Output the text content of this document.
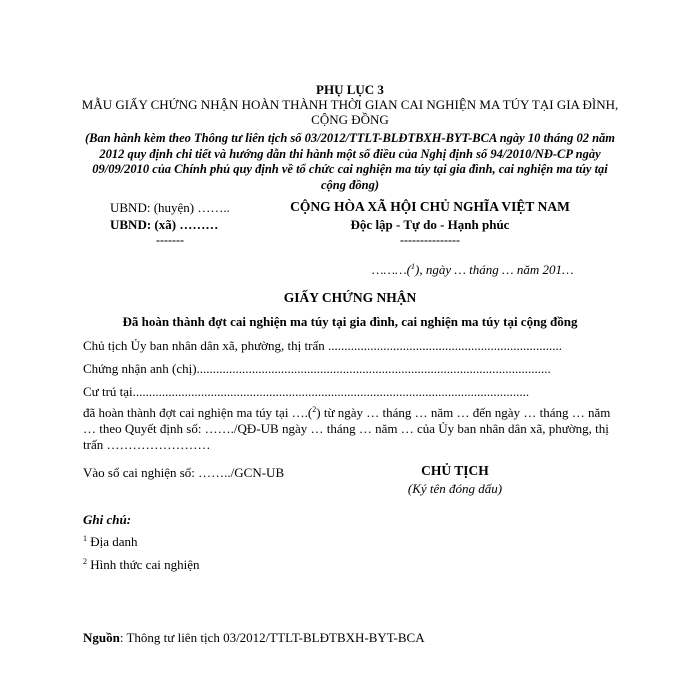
PHỤ LỤC 3
MẪU GIẤY CHỨNG NHẬN HOÀN THÀNH THỜI GIAN CAI NGHIỆN MA TÚY TẠI GIA ĐÌNH, CỘNG ĐỒNG
(Ban hành kèm theo Thông tư liên tịch số 03/2012/TTLT-BLĐTBXH-BYT-BCA ngày 10 tháng 02 năm 2012 quy định chi tiết và hướng dẫn thi hành một số điều của Nghị định số 94/2010/NĐ-CP ngày 09/09/2010 của Chính phủ quy định về tổ chức cai nghiện ma túy tại gia đình, cai nghiện ma túy tại cộng đồng)
UBND: (huyện) ……..
UBND: (xã) ………
-------
CỘNG HÒA XÃ HỘI CHỦ NGHĨA VIỆT NAM
Độc lập - Tự do - Hạnh phúc
---------------
………($^1$), ngày … tháng … năm 201…
GIẤY CHỨNG NHẬN
Đã hoàn thành đợt cai nghiện ma túy tại gia đình, cai nghiện ma túy tại cộng đồng
Chủ tịch Ủy ban nhân dân xã, phường, thị trấn ........................................................................
Chứng nhận anh (chị).............................................................................................................
Cư trú tại..........................................................................................................................
đã hoàn thành đợt cai nghiện ma túy tại ….($^2$) từ ngày … tháng … năm … đến ngày … tháng … năm … theo Quyết định số: ……./QĐ-UB ngày … tháng … năm … của Ủy ban nhân dân xã, phường, thị trấn ……………………
Vào sổ cai nghiện số: ……../GCN-UB	CHỦ TỊCH
(Ký tên đóng dấu)
Ghi chú:
$^1$ Địa danh
$^2$ Hình thức cai nghiện
Nguồn: Thông tư liên tịch 03/2012/TTLT-BLĐTBXH-BYT-BCA
